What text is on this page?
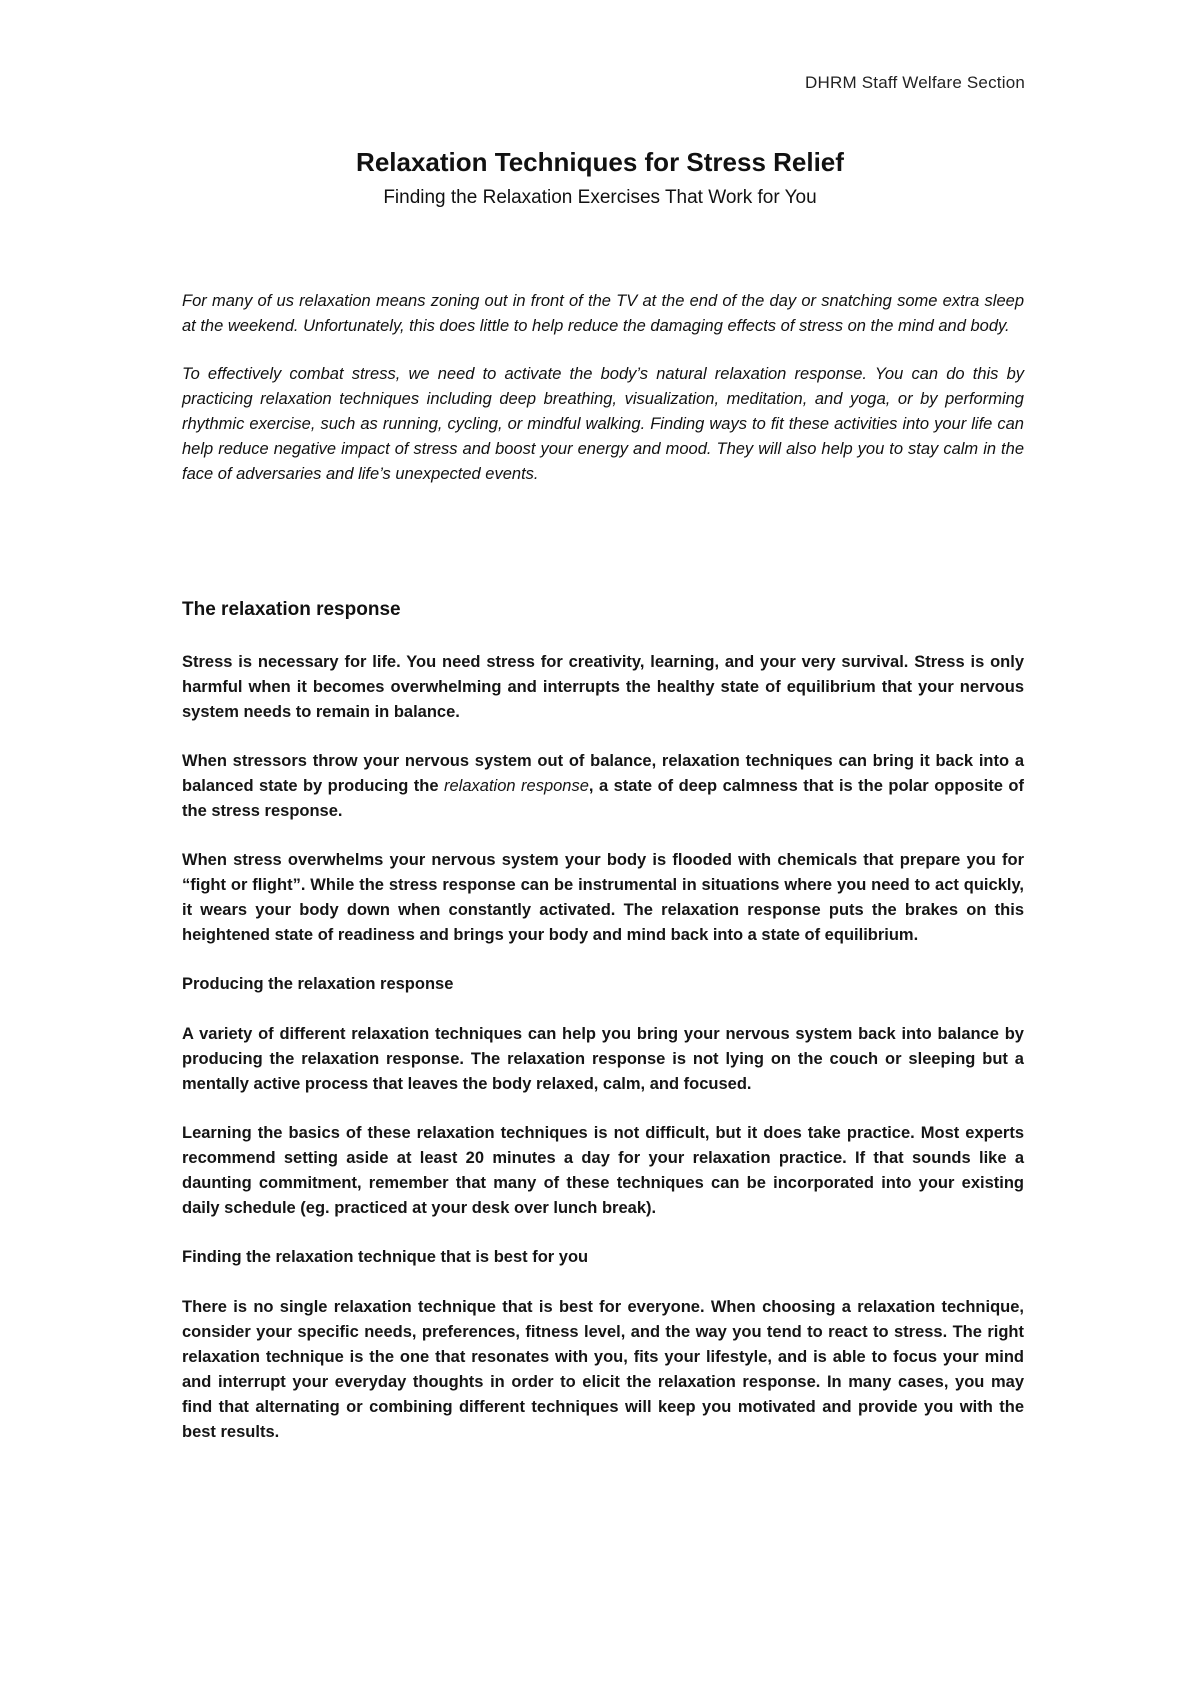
DHRM Staff Welfare Section
Relaxation Techniques for Stress Relief
Finding the Relaxation Exercises That Work for You

For many of us relaxation means zoning out in front of the TV at the end of the day or snatching some extra sleep at the weekend. Unfortunately, this does little to help reduce the damaging effects of stress on the mind and body.

To effectively combat stress, we need to activate the body’s natural relaxation response. You can do this by practicing relaxation techniques including deep breathing, visualization, meditation, and yoga, or by performing rhythmic exercise, such as running, cycling, or mindful walking. Finding ways to fit these activities into your life can help reduce negative impact of stress and boost your energy and mood. They will also help you to stay calm in the face of adversaries and life’s unexpected events.

The relaxation response

Stress is necessary for life. You need stress for creativity, learning, and your very survival. Stress is only harmful when it becomes overwhelming and interrupts the healthy state of equilibrium that your nervous system needs to remain in balance.

When stressors throw your nervous system out of balance, relaxation techniques can bring it back into a balanced state by producing the relaxation response, a state of deep calmness that is the polar opposite of the stress response.

When stress overwhelms your nervous system your body is flooded with chemicals that prepare you for “fight or flight”. While the stress response can be instrumental in situations where you need to act quickly, it wears your body down when constantly activated. The relaxation response puts the brakes on this heightened state of readiness and brings your body and mind back into a state of equilibrium.

Producing the relaxation response

A variety of different relaxation techniques can help you bring your nervous system back into balance by producing the relaxation response. The relaxation response is not lying on the couch or sleeping but a mentally active process that leaves the body relaxed, calm, and focused.

Learning the basics of these relaxation techniques is not difficult, but it does take practice. Most experts recommend setting aside at least 20 minutes a day for your relaxation practice. If that sounds like a daunting commitment, remember that many of these techniques can be incorporated into your existing daily schedule (eg. practiced at your desk over lunch break).

Finding the relaxation technique that is best for you

There is no single relaxation technique that is best for everyone. When choosing a relaxation technique, consider your specific needs, preferences, fitness level, and the way you tend to react to stress. The right relaxation technique is the one that resonates with you, fits your lifestyle, and is able to focus your mind and interrupt your everyday thoughts in order to elicit the relaxation response. In many cases, you may find that alternating or combining different techniques will keep you motivated and provide you with the best results.
